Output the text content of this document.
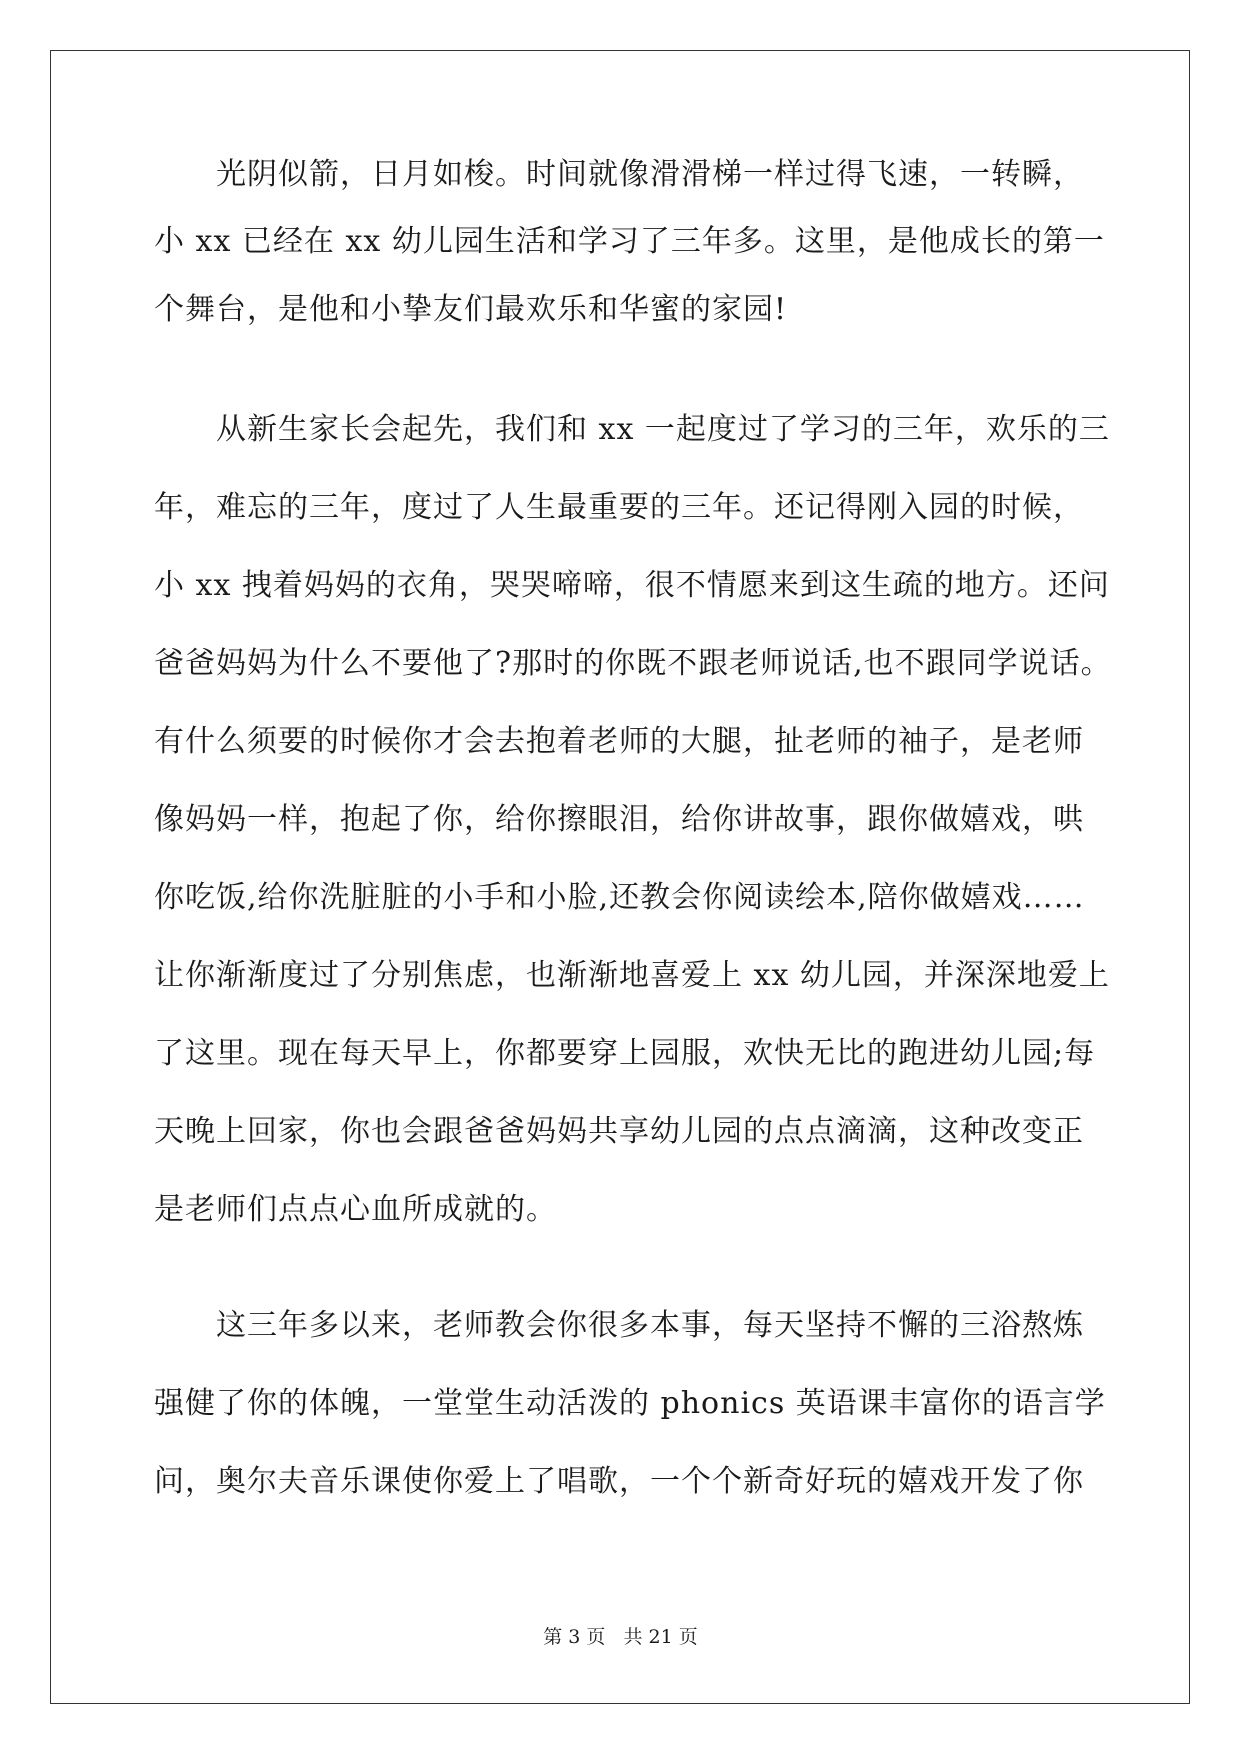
光阴似箭，日月如梭。时间就像滑滑梯一样过得飞速，一转瞬，
小 xx 已经在 xx 幼儿园生活和学习了三年多。这里，是他成长的第一
个舞台，是他和小挚友们最欢乐和华蜜的家园!
从新生家长会起先，我们和 xx 一起度过了学习的三年，欢乐的三
年，难忘的三年，度过了人生最重要的三年。还记得刚入园的时候，
小 xx 拽着妈妈的衣角，哭哭啼啼，很不情愿来到这生疏的地方。还问
爸爸妈妈为什么不要他了?那时的你既不跟老师说话,也不跟同学说话。
有什么须要的时候你才会去抱着老师的大腿，扯老师的袖子，是老师
像妈妈一样，抱起了你，给你擦眼泪，给你讲故事，跟你做嬉戏，哄
你吃饭,给你洗脏脏的小手和小脸,还教会你阅读绘本,陪你做嬉戏……
让你渐渐度过了分别焦虑，也渐渐地喜爱上 xx 幼儿园，并深深地爱上
了这里。现在每天早上，你都要穿上园服，欢快无比的跑进幼儿园;每
天晚上回家，你也会跟爸爸妈妈共享幼儿园的点点滴滴，这种改变正
是老师们点点心血所成就的。
这三年多以来，老师教会你很多本事，每天坚持不懈的三浴熬炼
强健了你的体魄，一堂堂生动活泼的 phonics 英语课丰富你的语言学
问，奥尔夫音乐课使你爱上了唱歌，一个个新奇好玩的嬉戏开发了你
第 3 页 共 21 页
